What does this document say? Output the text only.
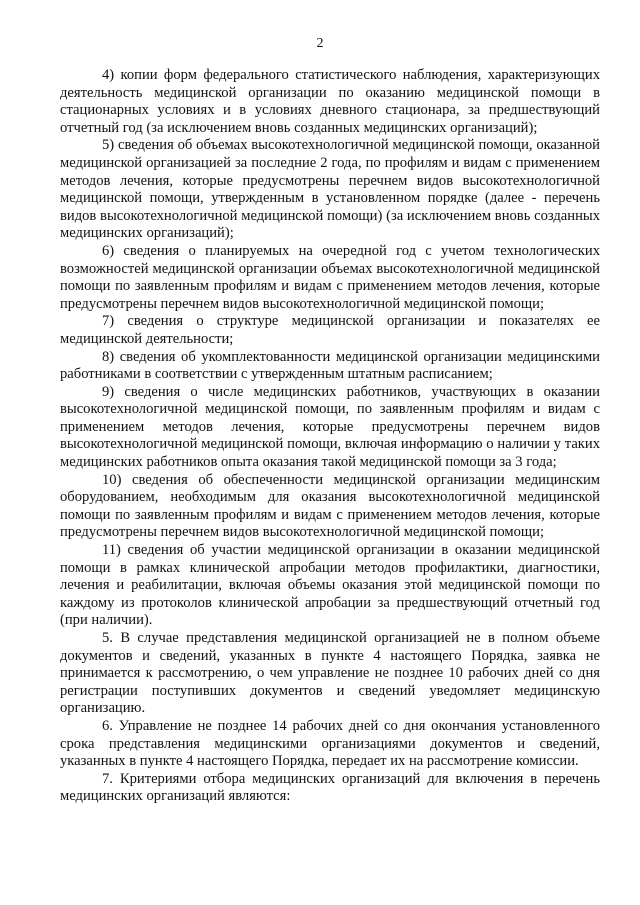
2

4) копии форм федерального статистического наблюдения, характеризующих деятельность медицинской организации по оказанию медицинской помощи в стационарных условиях и в условиях дневного стационара, за предшествующий отчетный год (за исключением вновь созданных медицинских организаций);

5) сведения об объемах высокотехнологичной медицинской помощи, оказанной медицинской организацией за последние 2 года, по профилям и видам с применением методов лечения, которые предусмотрены перечнем видов высокотехнологичной медицинской помощи, утвержденным в установленном порядке (далее - перечень видов высокотехнологичной медицинской помощи) (за исключением вновь созданных медицинских организаций);

6) сведения о планируемых на очередной год с учетом технологических возможностей медицинской организации объемах высокотехнологичной медицинской помощи по заявленным профилям и видам с применением методов лечения, которые предусмотрены перечнем видов высокотехнологичной медицинской помощи;

7) сведения о структуре медицинской организации и показателях ее медицинской деятельности;

8) сведения об укомплектованности медицинской организации медицинскими работниками в соответствии с утвержденным штатным расписанием;

9) сведения о числе медицинских работников, участвующих в оказании высокотехнологичной медицинской помощи, по заявленным профилям и видам с применением методов лечения, которые предусмотрены перечнем видов высокотехнологичной медицинской помощи, включая информацию о наличии у таких медицинских работников опыта оказания такой медицинской помощи за 3 года;

10) сведения об обеспеченности медицинской организации медицинским оборудованием, необходимым для оказания высокотехнологичной медицинской помощи по заявленным профилям и видам с применением методов лечения, которые предусмотрены перечнем видов высокотехнологичной медицинской помощи;

11) сведения об участии медицинской организации в оказании медицинской помощи в рамках клинической апробации методов профилактики, диагностики, лечения и реабилитации, включая объемы оказания этой медицинской помощи по каждому из протоколов клинической апробации за предшествующий отчетный год (при наличии).

5. В случае представления медицинской организацией не в полном объеме документов и сведений, указанных в пункте 4 настоящего Порядка, заявка не принимается к рассмотрению, о чем управление не позднее 10 рабочих дней со дня регистрации поступивших документов и сведений уведомляет медицинскую организацию.

6. Управление не позднее 14 рабочих дней со дня окончания установленного срока представления медицинскими организациями документов и сведений, указанных в пункте 4 настоящего Порядка, передает их на рассмотрение комиссии.

7. Критериями отбора медицинских организаций для включения в перечень медицинских организаций являются:
